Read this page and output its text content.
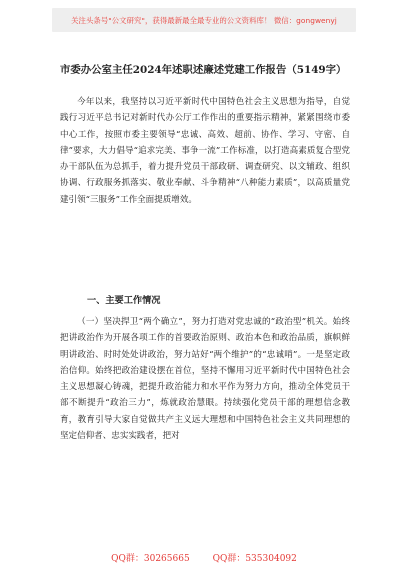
关注头条号"公文研究"，获得最新最全最专业的公文资料库！ 微信：gongwenyj
市委办公室主任2024年述职述廉述党建工作报告（5149字）

今年以来，我坚持以习近平新时代中国特色社会主义思想为指导，自觉践行习近平总书记对新时代办公厅工作作出的重要指示精神，紧紧围绕市委中心工作，按照市委主要领导“忠诚、高效、超前、协作、学习、守密、自律”要求，大力倡导“追求完美、事争一流”工作标准，以打造高素质复合型党办干部队伍为总抓手，着力提升党员干部政研、调查研究、以文辅政、组织协调、行政服务抓落实、敬业奉献、斗争精神“八种能力素质”，以高质量党建引领“三服务”工作全面提质增效。

一、主要工作情况

（一）坚决捍卫“两个确立”，努力打造对党忠诚的“政治型”机关。始终把讲政治作为开展各项工作的首要政治原则、政治本色和政治品质，旗帜鲜明讲政治、时时处处讲政治，努力站好“两个维护”的“忠诚哨”。一是坚定政治信仰。始终把政治建设摆在首位，坚持不懈用习近平新时代中国特色社会主义思想凝心铸魂，把提升政治能力和水平作为努力方向，推动全体党员干部不断提升“政治三力”，炼就政治慧眼。持续强化党员干部的理想信念教育，教育引导大家自觉做共产主义远大理想和中国特色社会主义共同理想的坚定信仰者、忠实实践者，把对

QQ群：30265665        QQ群：535304092
